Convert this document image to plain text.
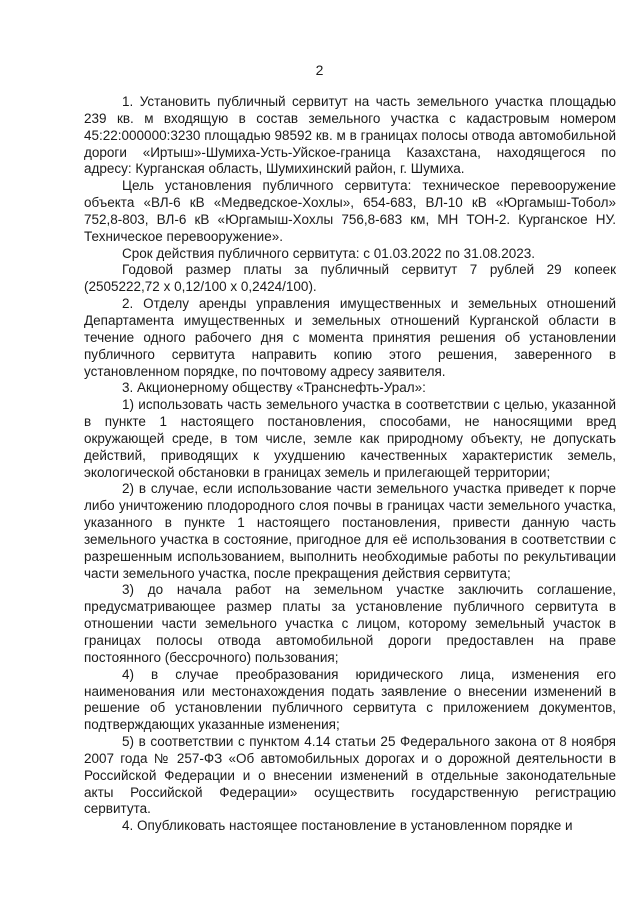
2

1. Установить публичный сервитут на часть земельного участка площадью 239 кв. м входящую в состав земельного участка с кадастровым номером 45:22:000000:3230 площадью 98592 кв. м в границах полосы отвода автомобильной дороги «Иртыш»-Шумиха-Усть-Уйское-граница Казахстана, находящегося по адресу: Курганская область, Шумихинский район, г. Шумиха.

Цель установления публичного сервитута: техническое перевооружение объекта «ВЛ-6 кВ «Медведское-Хохлы», 654-683, ВЛ-10 кВ «Юргамыш-Тобол» 752,8-803, ВЛ-6 кВ «Юргамыш-Хохлы 756,8-683 км, МН ТОН-2. Курганское НУ. Техническое перевооружение».

Срок действия публичного сервитута: с 01.03.2022 по 31.08.2023.

Годовой размер платы за публичный сервитут 7 рублей 29 копеек (2505222,72 х 0,12/100 х 0,2424/100).

2. Отделу аренды управления имущественных и земельных отношений Департамента имущественных и земельных отношений Курганской области в течение одного рабочего дня с момента принятия решения об установлении публичного сервитута направить копию этого решения, заверенного в установленном порядке, по почтовому адресу заявителя.

3. Акционерному обществу «Транснефть-Урал»:

1) использовать часть земельного участка в соответствии с целью, указанной в пункте 1 настоящего постановления, способами, не наносящими вред окружающей среде, в том числе, земле как природному объекту, не допускать действий, приводящих к ухудшению качественных характеристик земель, экологической обстановки в границах земель и прилегающей территории;

2) в случае, если использование части земельного участка приведет к порче либо уничтожению плодородного слоя почвы в границах части земельного участка, указанного в пункте 1 настоящего постановления, привести данную часть земельного участка в состояние, пригодное для её использования в соответствии с разрешенным использованием, выполнить необходимые работы по рекультивации части земельного участка, после прекращения действия сервитута;

3) до начала работ на земельном участке заключить соглашение, предусматривающее размер платы за установление публичного сервитута в отношении части земельного участка с лицом, которому земельный участок в границах полосы отвода автомобильной дороги предоставлен на праве постоянного (бессрочного) пользования;

4) в случае преобразования юридического лица, изменения его наименования или местонахождения подать заявление о внесении изменений в решение об установлении публичного сервитута с приложением документов, подтверждающих указанные изменения;

5) в соответствии с пунктом 4.14 статьи 25 Федерального закона от 8 ноября 2007 года № 257-ФЗ «Об автомобильных дорогах и о дорожной деятельности в Российской Федерации и о внесении изменений в отдельные законодательные акты Российской Федерации» осуществить государственную регистрацию сервитута.

4. Опубликовать настоящее постановление в установленном порядке и
